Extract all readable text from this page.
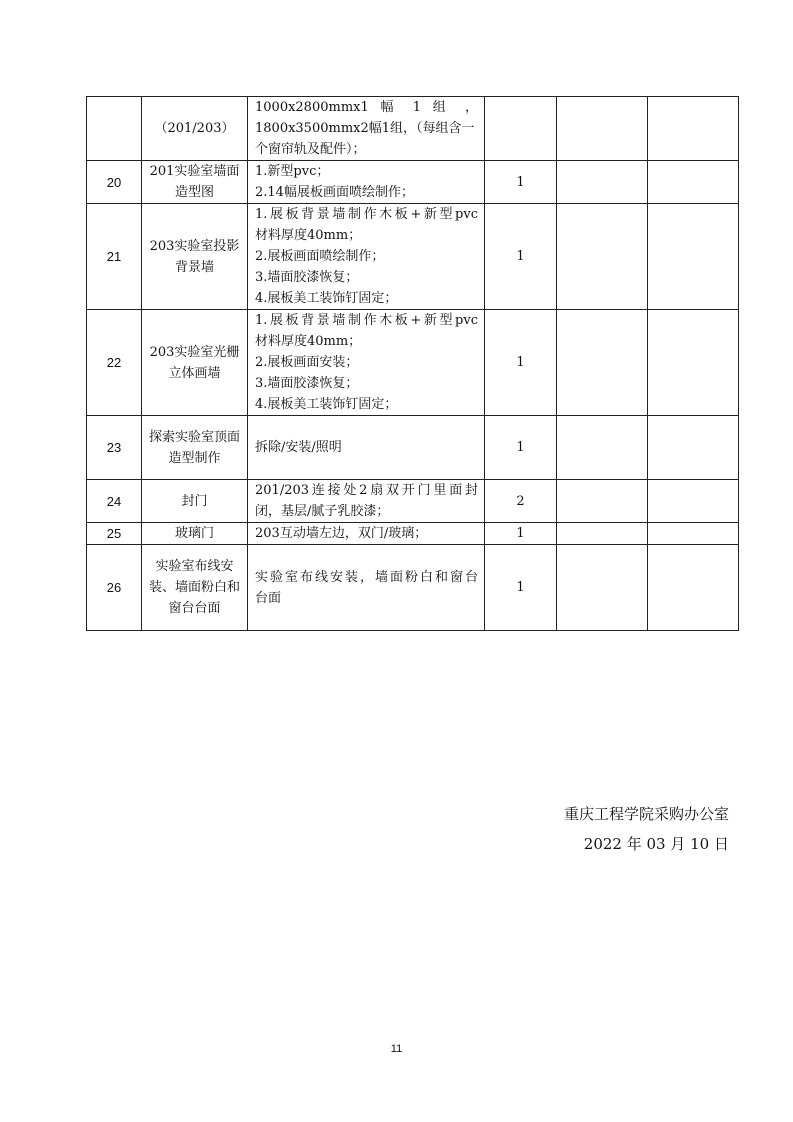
	（201/203）	1000x2800mmx1 幅 1 组 ，
1800x3500mmx2幅1组，（每组含一
个窗帘轨及配件）；			

20	201实验室墙面造型图	1.新型pvc；
2.14幅展板画面喷绘制作；	1		
21	203实验室投影背景墙	1.展板背景墙制作木板+新型pvc
材料厚度40mm；
2.展板画面喷绘制作；
3.墙面胶漆恢复；
4.展板美工装饰钉固定；	1		
22	203实验室光栅立体画墙	1.展板背景墙制作木板+新型pvc
材料厚度40mm；
2.展板画面安装；
3.墙面胶漆恢复；
4.展板美工装饰钉固定；	1		
23	探索实验室顶面造型制作	拆除/安装/照明	1		
24	封门	201/203连接处2扇双开门里面封
闭，基层/腻子乳胶漆；	2		
25	玻璃门	203互动墙左边，双门/玻璃；	1		
26	实验室布线安装、墙面粉白和窗台台面	实验室布线安装，墙面粉白和窗台
台面	1		
重庆工程学院采购办公室
2022 年 03 月 10 日
11
